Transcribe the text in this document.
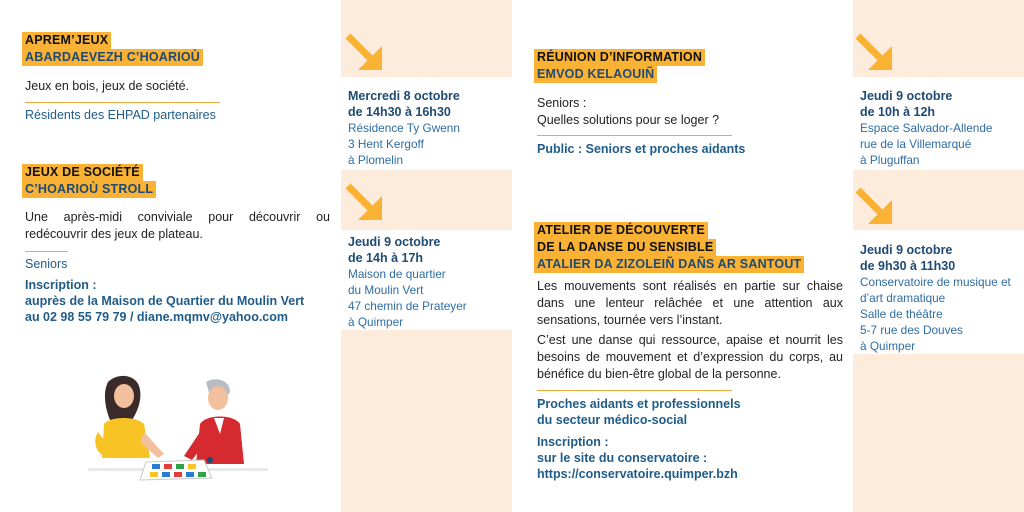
APREM’JEUX
ABARDAEVEZH C’HOARIOÙ
Jeux en bois, jeux de société.
Résidents des EHPAD partenaires
Mercredi 8 octobre
de 14h30 à 16h30
Résidence Ty Gwenn
3 Hent Kergoff
à Plomelin
JEUX DE SOCIÉTÉ
C’HOARIOÙ STROLL
Une après-midi conviviale pour découvrir ou redécouvrir des jeux de plateau.
Seniors
Inscription :
auprès de la Maison de Quartier du Moulin Vert
au 02 98 55 79 79 / diane.mqmv@yahoo.com
Jeudi 9 octobre
de 14h à 17h
Maison de quartier
du Moulin Vert
47 chemin de Prateyer
à Quimper
RÉUNION D’INFORMATION
EMVOD KELAOUIÑ
Seniors :
Quelles solutions pour se loger ?
Public : Seniors et proches aidants
Jeudi 9 octobre
de 10h à 12h
Espace Salvador-Allende
rue de la Villemarqué
à Pluguffan
ATELIER DE DÉCOUVERTE
DE LA DANSE DU SENSIBLE
ATALIER DA ZIZOLEIÑ DAÑS AR SANTOUT
Les mouvements sont réalisés en partie sur chaise dans une lenteur relâchée et une attention aux sensations, tournée vers l’instant.
C’est une danse qui ressource, apaise et nourrit les besoins de mouvement et d’expression du corps, au bénéfice du bien-être global de la personne.
Proches aidants et professionnels
du secteur médico-social
Inscription :
sur le site du conservatoire :
https://conservatoire.quimper.bzh
Jeudi 9 octobre
de 9h30 à 11h30
Conservatoire de musique et
d’art dramatique
Salle de théâtre
5-7 rue des Douves
à Quimper
